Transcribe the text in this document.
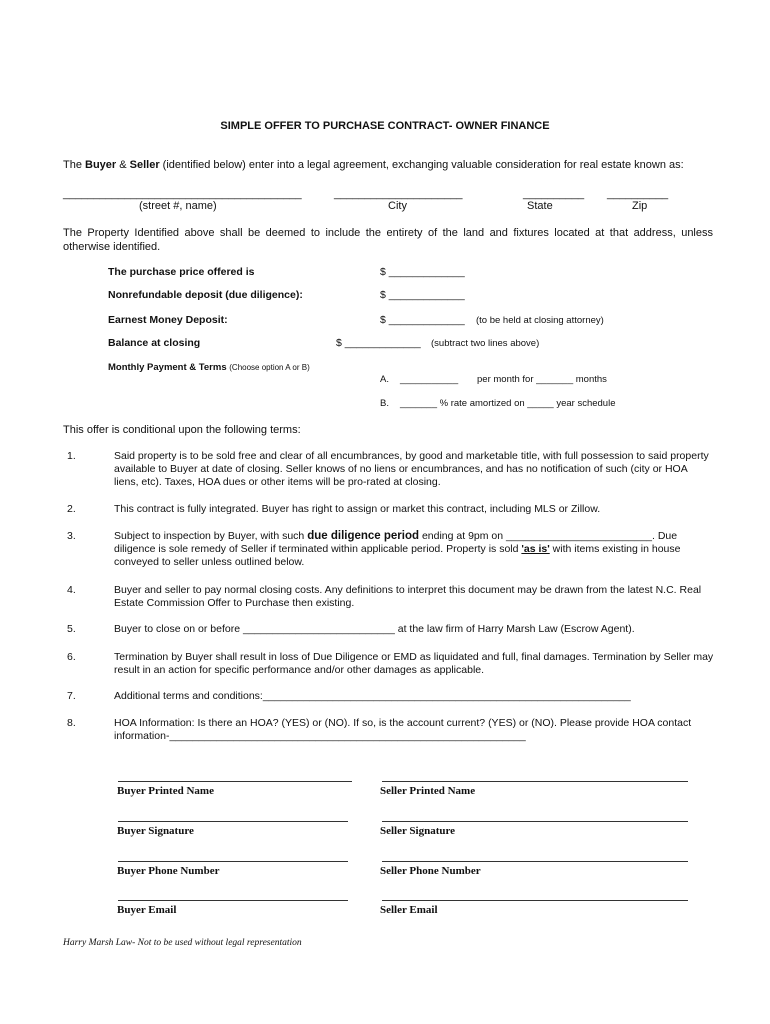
SIMPLE OFFER TO PURCHASE CONTRACT- OWNER FINANCE
The Buyer & Seller (identified below) enter into a legal agreement, exchanging valuable consideration for real estate known as:
_______________________________________
(street #, name)
_____________________
City
__________
State
__________
Zip
The Property Identified above shall be deemed to include the entirety of the land and fixtures located at that address, unless otherwise identified.
The purchase price offered is	$ _____________
Nonrefundable deposit (due diligence):	$ _____________
Earnest Money Deposit:	$ _____________ (to be held at closing attorney)
Balance at closing	$ _____________ (subtract two lines above)
Monthly Payment & Terms (Choose option A or B)
A. ___________ per month for _______ months
B. _______ % rate amortized on _____ year schedule
This offer is conditional upon the following terms:
1.	Said property is to be sold free and clear of all encumbrances, by good and marketable title, with full possession to said property available to Buyer at date of closing. Seller knows of no liens or encumbrances, and has no notification of such (city or HOA liens, etc). Taxes, HOA dues or other items will be pro-rated at closing.
2.	This contract is fully integrated. Buyer has right to assign or market this contract, including MLS or Zillow.
3.	Subject to inspection by Buyer, with such due diligence period ending at 9pm on _________________________. Due diligence is sole remedy of Seller if terminated within applicable period. Property is sold 'as is' with items existing in house conveyed to seller unless outlined below.
4.	Buyer and seller to pay normal closing costs. Any definitions to interpret this document may be drawn from the latest N.C. Real Estate Commission Offer to Purchase then existing.
5.	Buyer to close on or before __________________________ at the law firm of Harry Marsh Law (Escrow Agent).
6.	Termination by Buyer shall result in loss of Due Diligence or EMD as liquidated and full, final damages. Termination by Seller may result in an action for specific performance and/or other damages as applicable.
7.	Additional terms and conditions:_______________________________________________________________
8.	HOA Information: Is there an HOA? (YES) or (NO). If so, is the account current? (YES) or (NO). Please provide HOA contact information-_____________________________________________________________
Buyer Printed Name	Seller Printed Name
Buyer Signature	Seller Signature
Buyer Phone Number	Seller Phone Number
Buyer Email	Seller Email
Harry Marsh Law- Not to be used without legal representation
